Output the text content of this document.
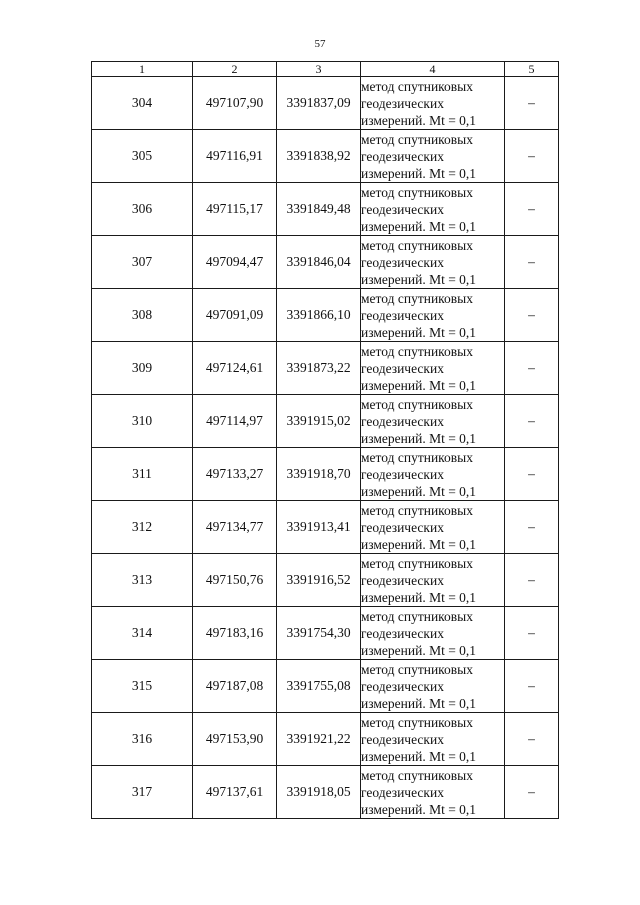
57
1	2	3	4	5
304	497107,90	3391837,09	метод спутниковых
геодезических
измерений. Mt = 0,1	–
305	497116,91	3391838,92	метод спутниковых
геодезических
измерений. Mt = 0,1	–
306	497115,17	3391849,48	метод спутниковых
геодезических
измерений. Mt = 0,1	–
307	497094,47	3391846,04	метод спутниковых
геодезических
измерений. Mt = 0,1	–
308	497091,09	3391866,10	метод спутниковых
геодезических
измерений. Mt = 0,1	–
309	497124,61	3391873,22	метод спутниковых
геодезических
измерений. Mt = 0,1	–
310	497114,97	3391915,02	метод спутниковых
геодезических
измерений. Mt = 0,1	–
311	497133,27	3391918,70	метод спутниковых
геодезических
измерений. Mt = 0,1	–
312	497134,77	3391913,41	метод спутниковых
геодезических
измерений. Mt = 0,1	–
313	497150,76	3391916,52	метод спутниковых
геодезических
измерений. Mt = 0,1	–
314	497183,16	3391754,30	метод спутниковых
геодезических
измерений. Mt = 0,1	–
315	497187,08	3391755,08	метод спутниковых
геодезических
измерений. Mt = 0,1	–
316	497153,90	3391921,22	метод спутниковых
геодезических
измерений. Mt = 0,1	–
317	497137,61	3391918,05	метод спутниковых
геодезических
измерений. Mt = 0,1	–
